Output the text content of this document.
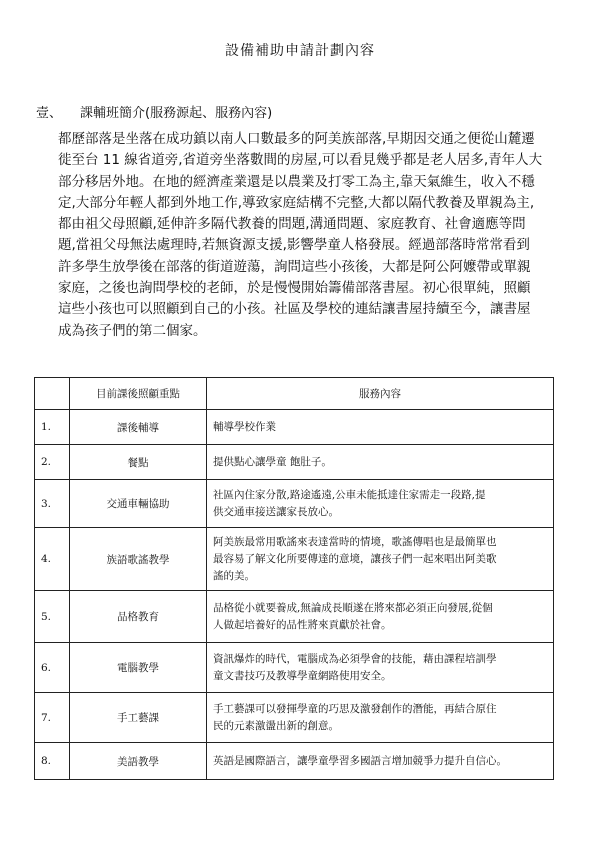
設備補助申請計劃內容
壹、 課輔班簡介(服務源起、服務內容)

都歷部落是坐落在成功鎮以南人口數最多的阿美族部落,早期因交通之便從山麓遷
徙至台 11 線省道旁,省道旁坐落數間的房屋,可以看見幾乎都是老人居多,青年人大
部分移居外地。在地的經濟產業還是以農業及打零工為主,靠天氣維生，收入不穩
定,大部分年輕人都到外地工作,導致家庭結構不完整,大都以隔代教養及單親為主,
都由祖父母照顧,延伸許多隔代教養的問題,溝通問題、家庭教育、社會適應等問
題,當祖父母無法處理時,若無資源支援,影響學童人格發展。經過部落時常常看到
許多學生放學後在部落的街道遊蕩，詢問這些小孩後，大都是阿公阿嬤帶或單親
家庭，之後也詢問學校的老師，於是慢慢開始籌備部落書屋。初心很單純，照顧
這些小孩也可以照顧到自己的小孩。社區及學校的連結讓書屋持續至今，讓書屋
成為孩子們的第二個家。

	目前課後照顧重點	服務內容
1.	課後輔導	輔導學校作業

2.	餐點	提供點心讓學童 飽肚子。

3.	交通車輛協助	社區內住家分散,路途遙遠,公車未能抵達住家需走一段路,提
供交通車接送讓家長放心。

4.	族語歌謠教學	阿美族最常用歌謠來表達當時的情境，歌謠傳唱也是最簡單也
最容易了解文化所要傳達的意境，讓孩子們一起來唱出阿美歌
謠的美。

5.	品格教育	品格從小就要養成,無論成長順遂在將來都必須正向發展,從個
人做起培養好的品性將來貢獻於社會。

6.	電腦教學	資訊爆炸的時代，電腦成為必須學會的技能，藉由課程培訓學
童文書技巧及教導學童網路使用安全。

7.	手工藝課	手工藝課可以發揮學童的巧思及激發創作的潛能，再結合原住
民的元素激盪出新的創意。

8.	美語教學	英語是國際語言，讓學童學習多國語言增加競爭力提升自信心。
